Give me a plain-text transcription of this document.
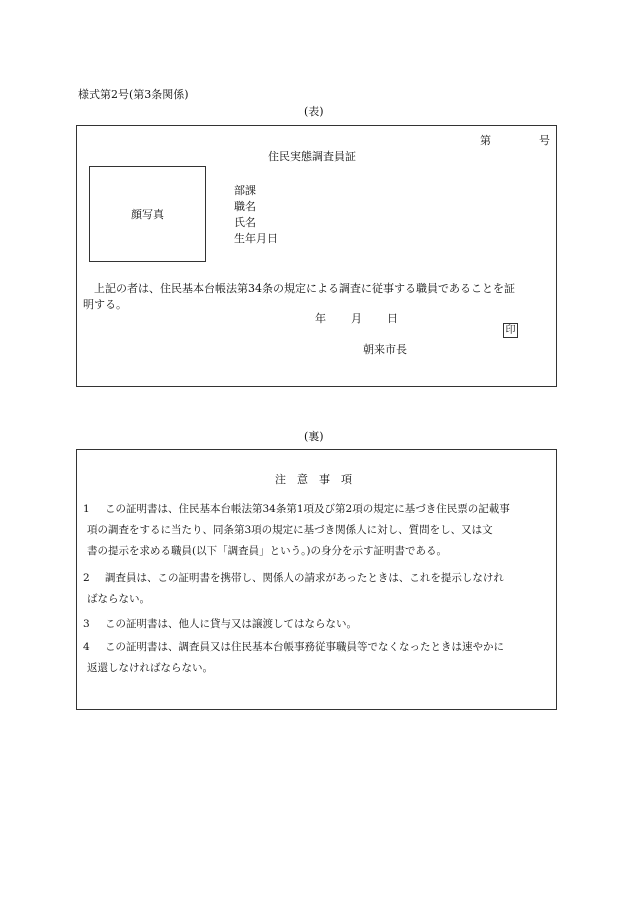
様式第2号(第3条関係)
(表)
第	号
住民実態調査員証
顔写真
部課
職名
氏名
生年月日
上記の者は、住民基本台帳法第34条の規定による調査に従事する職員であることを証
明する。
年 月 日
印
朝来市長
(裏)
注　意　事　項
1 この証明書は、住民基本台帳法第34条第1項及び第2項の規定に基づき住民票の記載事
項の調査をするに当たり、同条第3項の規定に基づき関係人に対し、質問をし、又は文
書の提示を求める職員(以下「調査員」という。)の身分を示す証明書である。
2 調査員は、この証明書を携帯し、関係人の請求があったときは、これを提示しなけれ
ばならない。
3 この証明書は、他人に貸与又は譲渡してはならない。
4 この証明書は、調査員又は住民基本台帳事務従事職員等でなくなったときは速やかに
返還しなければならない。
